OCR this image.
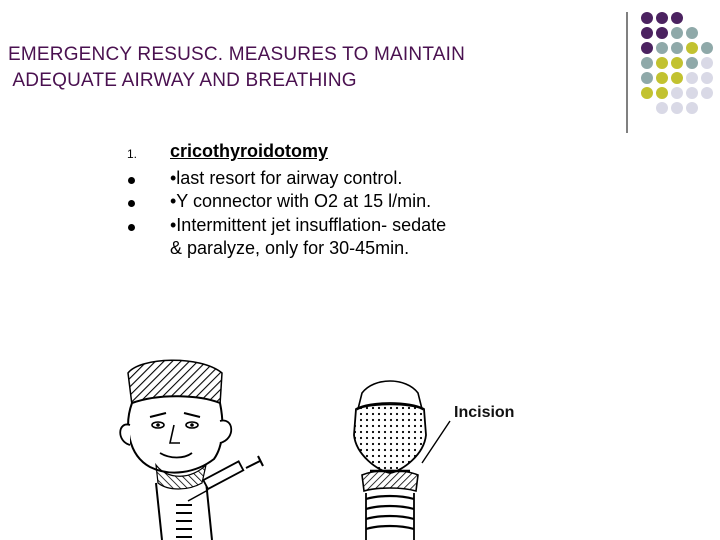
EMERGENCY RESUSC. MEASURES TO MAINTAIN
ADEQUATE AIRWAY AND BREATHING
1.	cricothyroidotomy
•last resort for airway control.
•Y connector with O2 at 15 l/min.
•Intermittent jet insufflation- sedate
& paralyze, only for 30-45min.
Incision
